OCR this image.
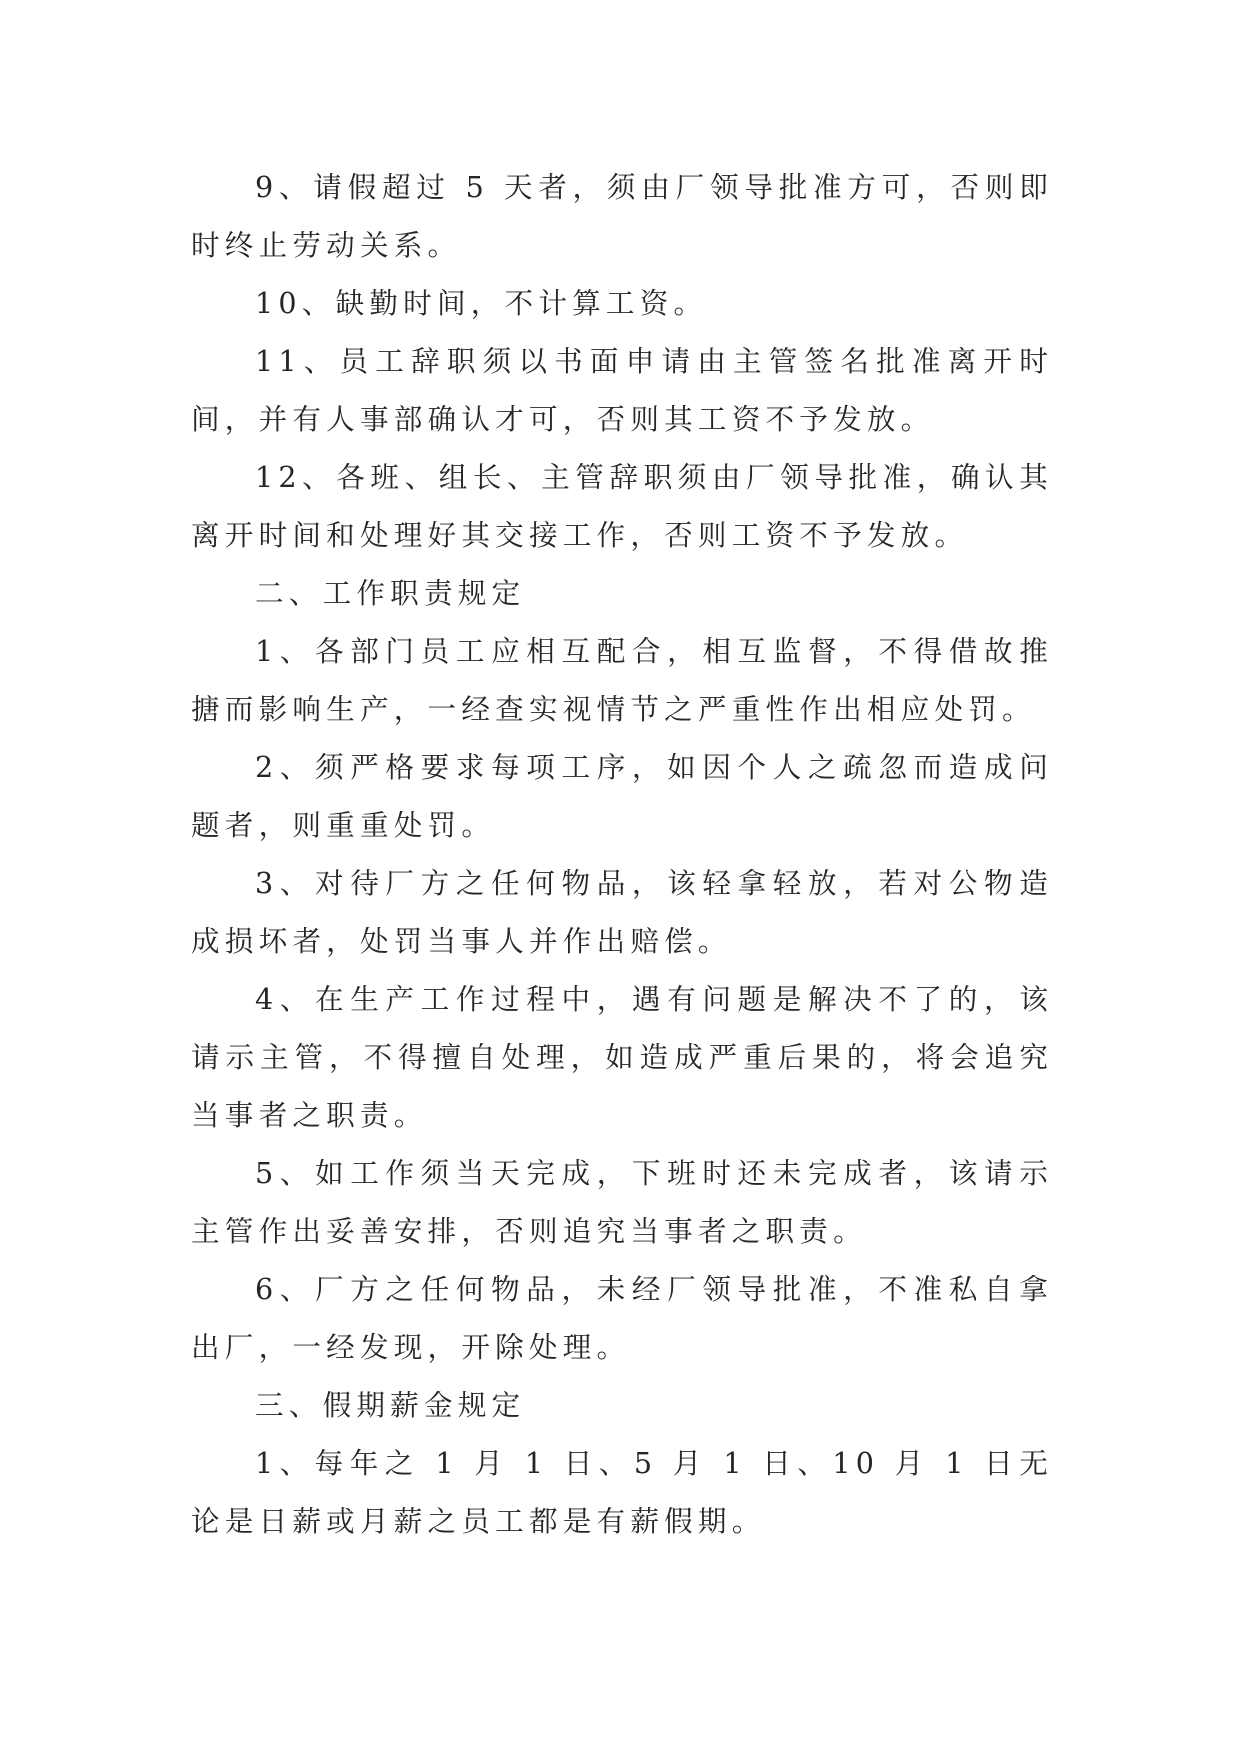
9、请假超过 5 天者，须由厂领导批准方可，否则即时终止劳动关系。

10、缺勤时间，不计算工资。

11、员工辞职须以书面申请由主管签名批准离开时间，并有人事部确认才可，否则其工资不予发放。

12、各班、组长、主管辞职须由厂领导批准，确认其离开时间和处理好其交接工作，否则工资不予发放。

二、工作职责规定

1、各部门员工应相互配合，相互监督，不得借故推搪而影响生产，一经查实视情节之严重性作出相应处罚。

2、须严格要求每项工序，如因个人之疏忽而造成问题者，则重重处罚。

3、对待厂方之任何物品，该轻拿轻放，若对公物造成损坏者，处罚当事人并作出赔偿。

4、在生产工作过程中，遇有问题是解决不了的，该请示主管，不得擅自处理，如造成严重后果的，将会追究当事者之职责。

5、如工作须当天完成，下班时还未完成者，该请示主管作出妥善安排，否则追究当事者之职责。

6、厂方之任何物品，未经厂领导批准，不准私自拿出厂，一经发现，开除处理。

三、假期薪金规定

1、每年之 1 月 1 日、5 月 1 日、10 月 1 日无论是日薪或月薪之员工都是有薪假期。
